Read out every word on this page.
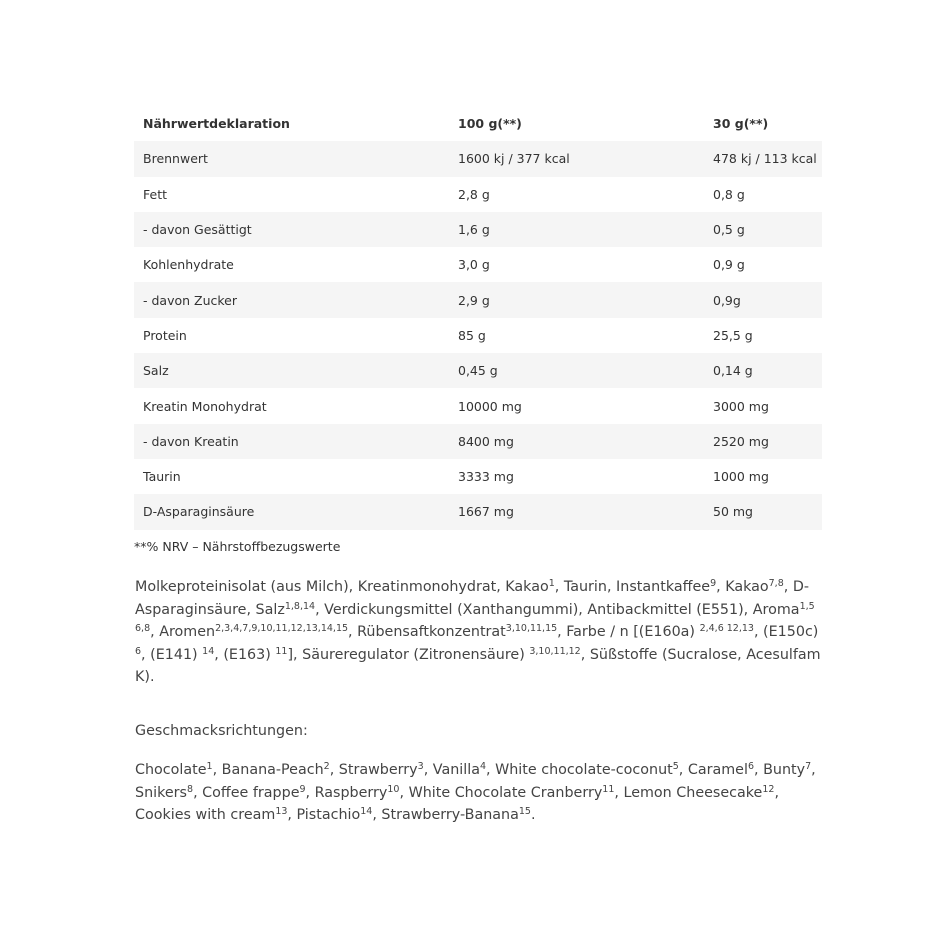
Nährwertdeklaration	100 g(**)	30 g(**)
Brennwert	1600 kj / 377 kcal	478 kj / 113 kcal
Fett	2,8 g	0,8 g
- davon Gesättigt	1,6 g	0,5 g
Kohlenhydrate	3,0 g	0,9 g
- davon Zucker	2,9 g	0,9g
Protein	85 g	25,5 g
Salz	0,45 g	0,14 g
Kreatin Monohydrat	10000 mg	3000 mg
- davon Kreatin	8400 mg	2520 mg
Taurin	3333 mg	1000 mg
D-Asparaginsäure	1667 mg	50 mg
**% NRV – Nährstoffbezugswerte

Molkeproteinisolat (aus Milch), Kreatinmonohydrat, Kakao$^1$, Taurin, Instantkaffee$^9$, Kakao$^{7,8}$, D-Asparaginsäure, Salz$^{1,8,14}$, Verdickungsmittel (Xanthangummi), Antibackmittel (E551), Aroma$^{1,5 6,8}$, Aromen$^{2,3,4,7,9,10,11,12,13,14,15}$, Rübensaftkonzentrat$^{3,10,11,15}$, Farbe / n [(E160a) $^{2,4,6 12,13}$, (E150c) $^6$, (E141) $^{14}$, (E163) $^{11}$], Säureregulator (Zitronensäure) $^{3,10,11,12}$, Süßstoffe (Sucralose, Acesulfam K).

Geschmacksrichtungen:

Chocolate$^1$, Banana-Peach$^2$, Strawberry$^3$, Vanilla$^4$, White chocolate-coconut$^5$, Caramel$^6$, Bunty$^7$, Snikers$^8$, Coffee frappe$^9$, Raspberry$^{10}$, White Chocolate Cranberry$^{11}$, Lemon Cheesecake$^{12}$, Cookies with cream$^{13}$, Pistachio$^{14}$, Strawberry-Banana$^{15}$.
